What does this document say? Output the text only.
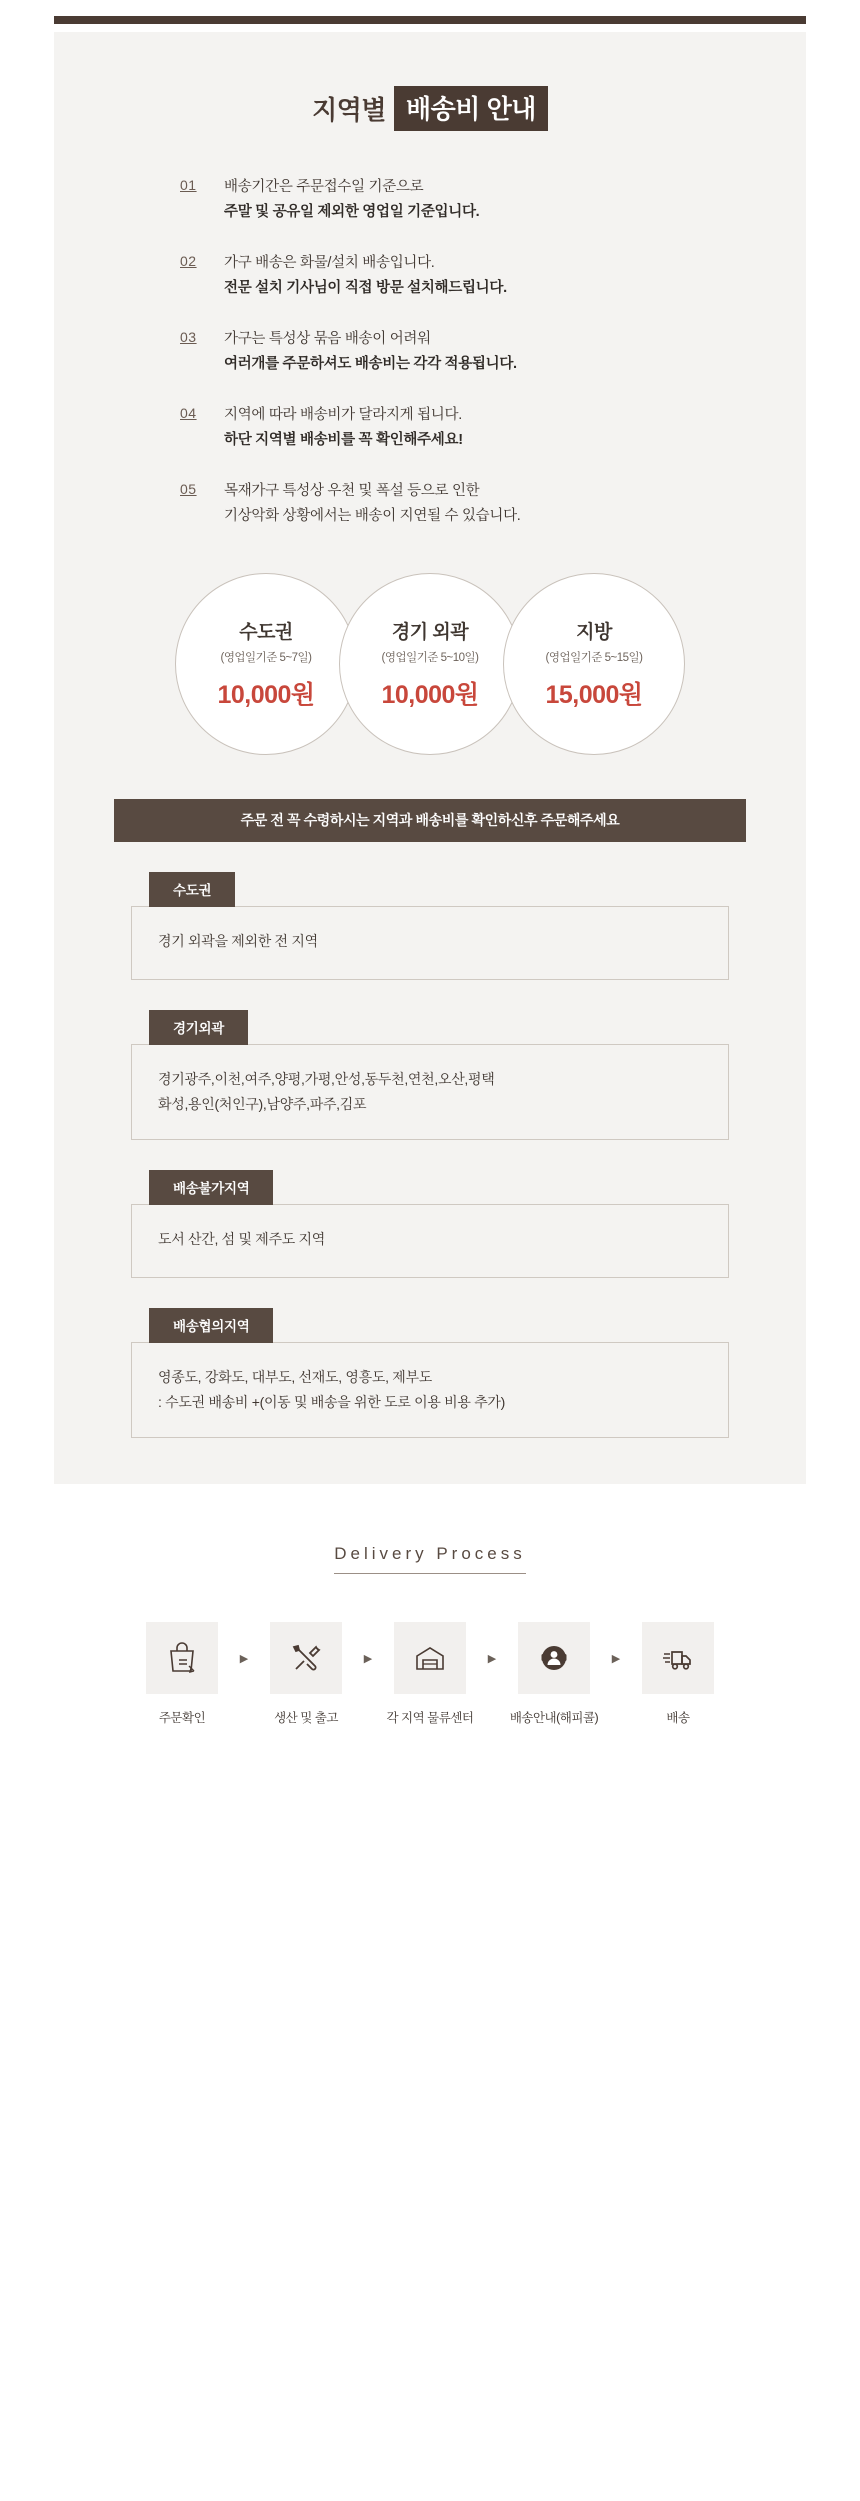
지역별 배송비 안내
01	배송기간은 주문접수일 기준으로
주말 및 공유일 제외한 영업일 기준입니다.
02	가구 배송은 화물/설치 배송입니다.
전문 설치 기사님이 직접 방문 설치해드립니다.
03	가구는 특성상 묶음 배송이 어려워
여러개를 주문하셔도 배송비는 각각 적용됩니다.
04	지역에 따라 배송비가 달라지게 됩니다.
하단 지역별 배송비를 꼭 확인해주세요!
05	목재가구 특성상 우천 및 폭설 등으로 인한
기상악화 상황에서는 배송이 지연될 수 있습니다.
수도권
(영업일기준 5~7일)
10,000원
경기 외곽
(영업일기준 5~10일)
10,000원
지방
(영업일기준 5~15일)
15,000원
주문 전 꼭 수령하시는 지역과 배송비를 확인하신후 주문해주세요
수도권
경기 외곽을 제외한 전 지역
경기외곽
경기광주,이천,여주,양평,가평,안성,동두천,연천,오산,평택
화성,용인(처인구),남양주,파주,김포
배송불가지역
도서 산간, 섬 및 제주도 지역
배송협의지역
영종도, 강화도, 대부도, 선재도, 영흥도, 제부도
: 수도권 배송비 +(이동 및 배송을 위한 도로 이용 비용 추가)
Delivery Process
주문확인
▶
생산 및 출고
▶
각 지역 물류센터
▶
배송안내(해피콜)
▶
배송
